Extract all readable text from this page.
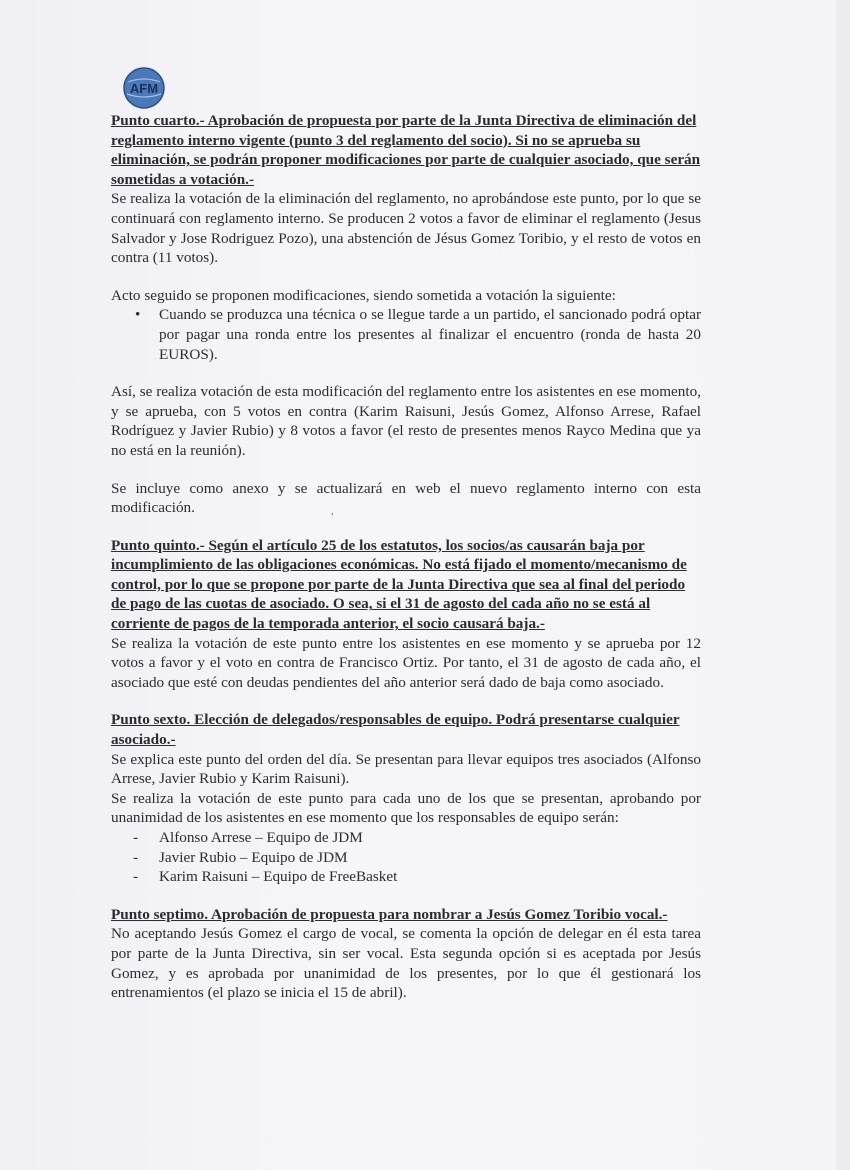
AFM
Punto cuarto.- Aprobación de propuesta por parte de la Junta Directiva de eliminación del reglamento interno vigente (punto 3 del reglamento del socio). Si no se aprueba su eliminación, se podrán proponer modificaciones por parte de cualquier asociado, que serán sometidas a votación.-

Se realiza la votación de la eliminación del reglamento, no aprobándose este punto, por lo que se continuará con reglamento interno. Se producen 2 votos a favor de eliminar el reglamento (Jesus Salvador y Jose Rodriguez Pozo), una abstención de Jésus Gomez Toribio, y el resto de votos en contra (11 votos).

Acto seguido se proponen modificaciones, siendo sometida a votación la siguiente:

• Cuando se produzca una técnica o se llegue tarde a un partido, el sancionado podrá optar por pagar una ronda entre los presentes al finalizar el encuentro (ronda de hasta 20 EUROS).

Así, se realiza votación de esta modificación del reglamento entre los asistentes en ese momento, y se aprueba, con 5 votos en contra (Karim Raisuni, Jesús Gomez, Alfonso Arrese, Rafael Rodríguez y Javier Rubio) y 8 votos a favor (el resto de presentes menos Rayco Medina que ya no está en la reunión).

Se incluye como anexo y se actualizará en web el nuevo reglamento interno con esta modificación.

Punto quinto.- Según el artículo 25 de los estatutos, los socios/as causarán baja por incumplimiento de las obligaciones económicas. No está fijado el momento/mecanismo de control, por lo que se propone por parte de la Junta Directiva que sea al final del periodo de pago de las cuotas de asociado. O sea, si el 31 de agosto del cada año no se está al corriente de pagos de la temporada anterior, el socio causará baja.-

Se realiza la votación de este punto entre los asistentes en ese momento y se aprueba por 12 votos a favor y el voto en contra de Francisco Ortiz. Por tanto, el 31 de agosto de cada año, el asociado que esté con deudas pendientes del año anterior será dado de baja como asociado.

Punto sexto. Elección de delegados/responsables de equipo. Podrá presentarse cualquier asociado.-

Se explica este punto del orden del día. Se presentan para llevar equipos tres asociados (Alfonso Arrese, Javier Rubio y Karim Raisuni).

Se realiza la votación de este punto para cada uno de los que se presentan, aprobando por unanimidad de los asistentes en ese momento que los responsables de equipo serán:

- Alfonso Arrese – Equipo de JDM
- Javier Rubio – Equipo de JDM
- Karim Raisuni – Equipo de FreeBasket
Punto septimo. Aprobación de propuesta para nombrar a Jesús Gomez Toribio vocal.-

No aceptando Jesús Gomez el cargo de vocal, se comenta la opción de delegar en él esta tarea por parte de la Junta Directiva, sin ser vocal. Esta segunda opción si es aceptada por Jesús Gomez, y es aprobada por unanimidad de los presentes, por lo que él gestionará los entrenamientos (el plazo se inicia el 15 de abril).

,
